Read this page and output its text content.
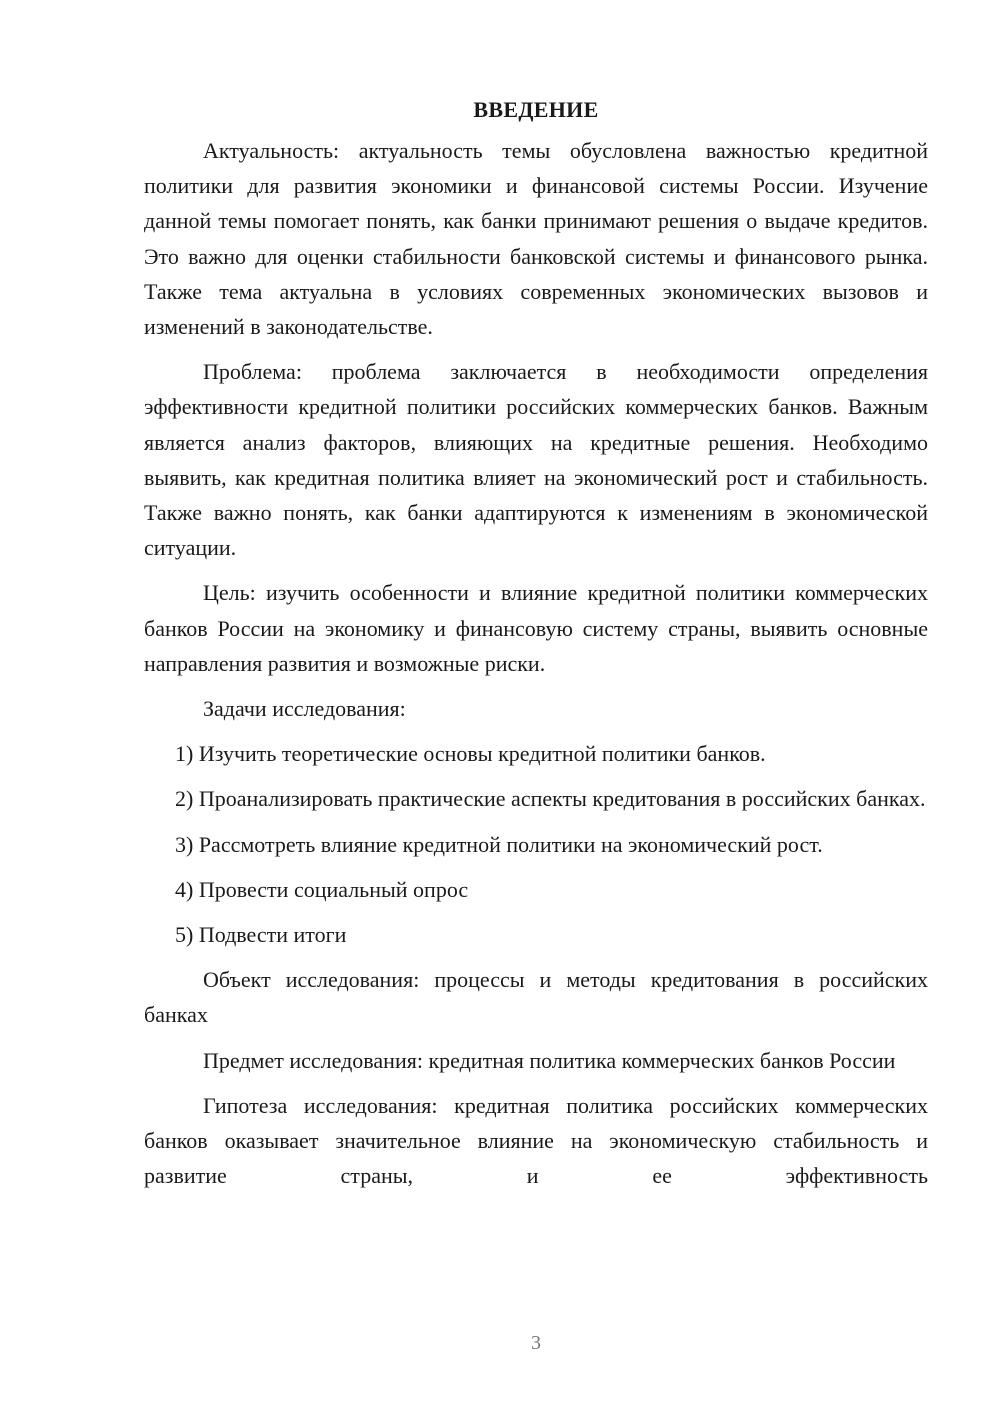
ВВЕДЕНИЕ

Актуальность: актуальность темы обусловлена важностью кредитной политики для развития экономики и финансовой системы России. Изучение данной темы помогает понять, как банки принимают решения о выдаче кредитов. Это важно для оценки стабильности банковской системы и финансового рынка. Также тема актуальна в условиях современных экономических вызовов и изменений в законодательстве.

Проблема: проблема заключается в необходимости определения эффективности кредитной политики российских коммерческих банков. Важным является анализ факторов, влияющих на кредитные решения. Необходимо выявить, как кредитная политика влияет на экономический рост и стабильность. Также важно понять, как банки адаптируются к изменениям в экономической ситуации.

Цель: изучить особенности и влияние кредитной политики коммерческих банков России на экономику и финансовую систему страны, выявить основные направления развития и возможные риски.

Задачи исследования:

1) Изучить теоретические основы кредитной политики банков.

2) Проанализировать практические аспекты кредитования в российских банках.

3) Рассмотреть влияние кредитной политики на экономический рост.

4) Провести социальный опрос

5) Подвести итоги

Объект исследования: процессы и методы кредитования в российских банках

Предмет исследования: кредитная политика коммерческих банков России

Гипотеза исследования: кредитная политика российских коммерческих банков оказывает значительное влияние на экономическую стабильность и развитие страны, и ее эффективность

3
